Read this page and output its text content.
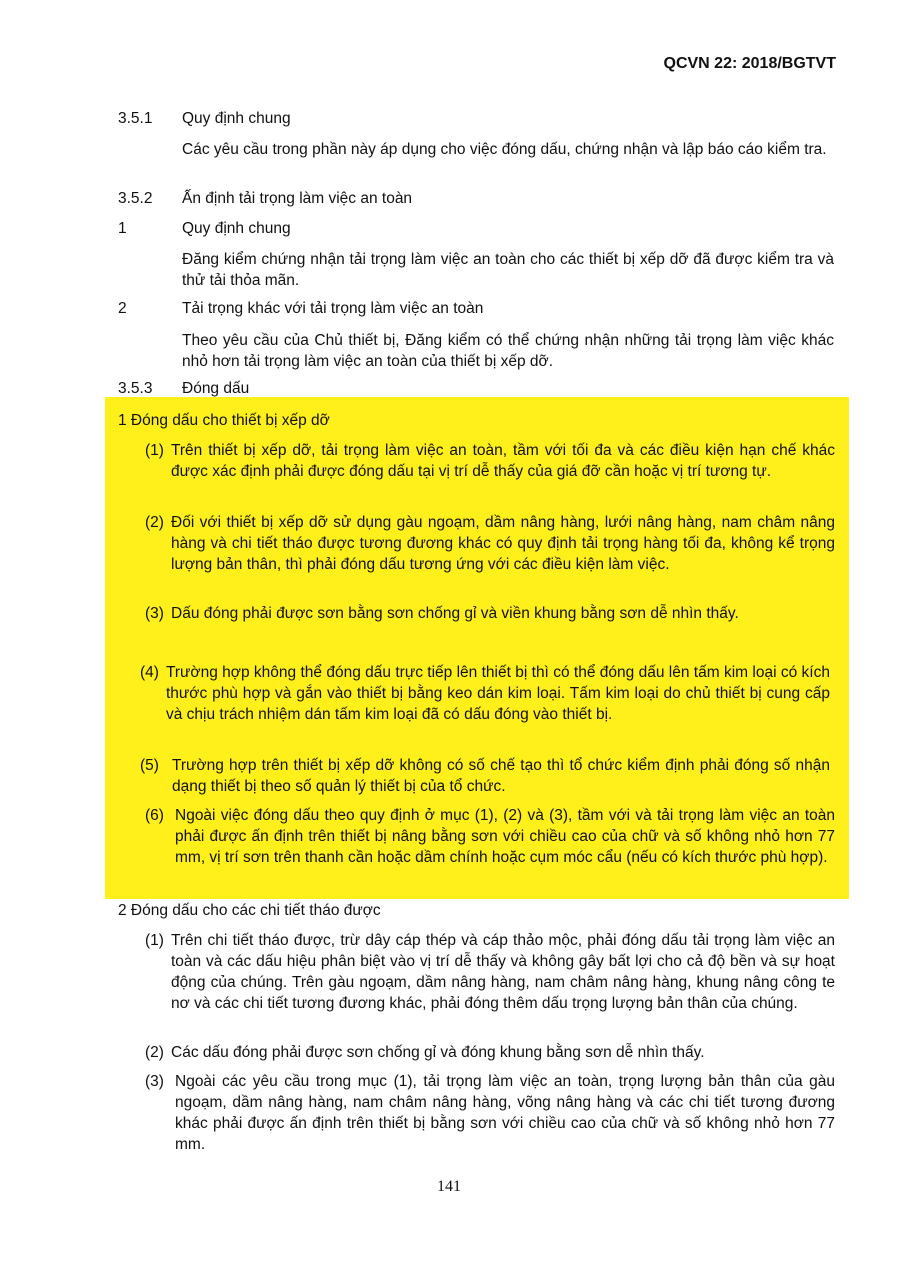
QCVN 22: 2018/BGTVT
3.5.1 Quy định chung
Các yêu cầu trong phần này áp dụng cho việc đóng dấu, chứng nhận và lập báo cáo kiểm tra.
3.5.2 Ấn định tải trọng làm việc an toàn
1	Quy định chung
Đăng kiểm chứng nhận tải trọng làm việc an toàn cho các thiết bị xếp dỡ đã được kiểm tra và thử tải thỏa mãn.
2	Tải trọng khác với tải trọng làm việc an toàn
Theo yêu cầu của Chủ thiết bị, Đăng kiểm có thể chứng nhận những tải trọng làm việc khác nhỏ hơn tải trọng làm việc an toàn của thiết bị xếp dỡ.
3.5.3 Đóng dấu
1 Đóng dấu cho thiết bị xếp dỡ
(1) Trên thiết bị xếp dỡ, tải trọng làm việc an toàn, tầm với tối đa và các điều kiện hạn chế khác được xác định phải được đóng dấu tại vị trí dễ thấy của giá đỡ cần hoặc vị trí tương tự.
(2) Đối với thiết bị xếp dỡ sử dụng gàu ngoạm, dầm nâng hàng, lưới nâng hàng, nam châm nâng hàng và chi tiết tháo được tương đương khác có quy định tải trọng hàng tối đa, không kể trọng lượng bản thân, thì phải đóng dấu tương ứng với các điều kiện làm việc.
(3) Dấu đóng phải được sơn bằng sơn chống gỉ và viền khung bằng sơn dễ nhìn thấy.
(4) Trường hợp không thể đóng dấu trực tiếp lên thiết bị thì có thể đóng dấu lên tấm kim loại có kích thước phù hợp và gắn vào thiết bị bằng keo dán kim loại. Tấm kim loại do chủ thiết bị cung cấp và chịu trách nhiệm dán tấm kim loại đã có dấu đóng vào thiết bị.
(5) Trường hợp trên thiết bị xếp dỡ không có số chế tạo thì tổ chức kiểm định phải đóng số nhận dạng thiết bị theo số quản lý thiết bị của tổ chức.
(6) Ngoài việc đóng dấu theo quy định ở mục (1), (2) và (3), tầm với và tải trọng làm việc an toàn phải được ấn định trên thiết bị nâng bằng sơn với chiều cao của chữ và số không nhỏ hơn 77 mm, vị trí sơn trên thanh cần hoặc dầm chính hoặc cụm móc cẩu (nếu có kích thước phù hợp).
2 Đóng dấu cho các chi tiết tháo được
(1) Trên chi tiết tháo được, trừ dây cáp thép và cáp thảo mộc, phải đóng dấu tải trọng làm việc an toàn và các dấu hiệu phân biệt vào vị trí dễ thấy và không gây bất lợi cho cả độ bền và sự hoạt động của chúng. Trên gàu ngoạm, dầm nâng hàng, nam châm nâng hàng, khung nâng công te nơ và các chi tiết tương đương khác, phải đóng thêm dấu trọng lượng bản thân của chúng.
(2) Các dấu đóng phải được sơn chống gỉ và đóng khung bằng sơn dễ nhìn thấy.
(3) Ngoài các yêu cầu trong mục (1), tải trọng làm việc an toàn, trọng lượng bản thân của gàu ngoạm, dầm nâng hàng, nam châm nâng hàng, võng nâng hàng và các chi tiết tương đương khác phải được ấn định trên thiết bị bằng sơn với chiều cao của chữ và số không nhỏ hơn 77 mm.
141
